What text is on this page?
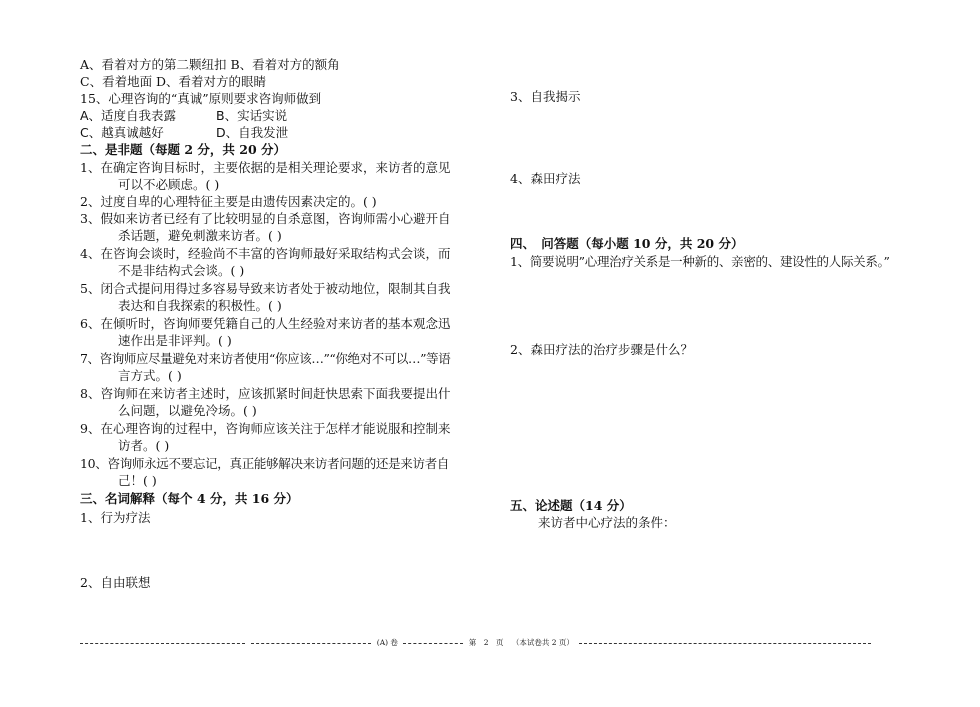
A、看着对方的第二颗纽扣 B、看着对方的额角
C、看着地面 D、看着对方的眼睛
15、心理咨询的“真诚”原则要求咨询师做到
A、适度自我表露	B、实话实说
C、越真诚越好	D、自我发泄
二、是非题（每题 2 分，共 20 分）
1、在确定咨询目标时，主要依据的是相关理论要求，来访者的意见
可以不必顾虑。( )
2、过度自卑的心理特征主要是由遗传因素决定的。( )
3、假如来访者已经有了比较明显的自杀意图，咨询师需小心避开自
杀话题，避免刺激来访者。( )
4、在咨询会谈时，经验尚不丰富的咨询师最好采取结构式会谈，而
不是非结构式会谈。( )
5、闭合式提问用得过多容易导致来访者处于被动地位，限制其自我
表达和自我探索的积极性。( )
6、在倾听时，咨询师要凭籍自己的人生经验对来访者的基本观念迅
速作出是非评判。( )
7、咨询师应尽量避免对来访者使用“你应该…”“你绝对不可以…”等语
言方式。( )
8、咨询师在来访者主述时，应该抓紧时间赶快思索下面我要提出什
么问题，以避免冷场。( )
9、在心理咨询的过程中，咨询师应该关注于怎样才能说服和控制来
访者。( )
10、咨询师永远不要忘记，真正能够解决来访者问题的还是来访者自
己！( )
三、名词解释（每个 4 分，共 16 分）
1、行为疗法
2、自由联想
3、自我揭示
4、森田疗法
四、　问答题（每小题 10 分，共 20 分）
1、简要说明”心理治疗关系是一种新的、亲密的、建设性的人际关系。”
2、森田疗法的治疗步骤是什么？
五、论述题（14 分）
来访者中心疗法的条件：
(A) 卷	第　2　页 （本试卷共 2 页）
